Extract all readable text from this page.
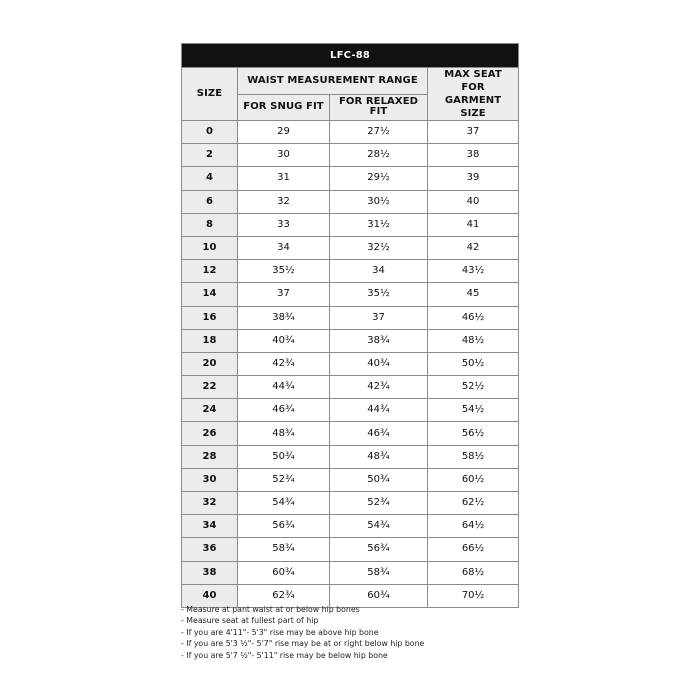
LFC-88			
SIZE	WAIST MEASUREMENT RANGE		MAX SEAT FOR GARMENT SIZE
	FOR SNUG FIT	FOR RELAXED FIT	
0	29	27½	37
2	30	28½	38
4	31	29½	39
6	32	30½	40
8	33	31½	41
10	34	32½	42
12	35½	34	43½
14	37	35½	45
16	38¾	37	46½
18	40¾	38¾	48½
20	42¾	40¾	50½
22	44¾	42¾	52½
24	46¾	44¾	54½
26	48¾	46¾	56½
28	50¾	48¾	58½
30	52¾	50¾	60½
32	54¾	52¾	62½
34	56¾	54¾	64½
36	58¾	56¾	66½
38	60¾	58¾	68½
40	62¾	60¾	70½
- Measure at pant waist at or below hip bones
- Measure seat at fullest part of hip
- If you are 4'11"- 5'3" rise may be above hip bone
- If you are 5'3 ½"- 5'7" rise may be at or right below hip bone
- If you are 5'7 ½"- 5'11" rise may be below hip bone
